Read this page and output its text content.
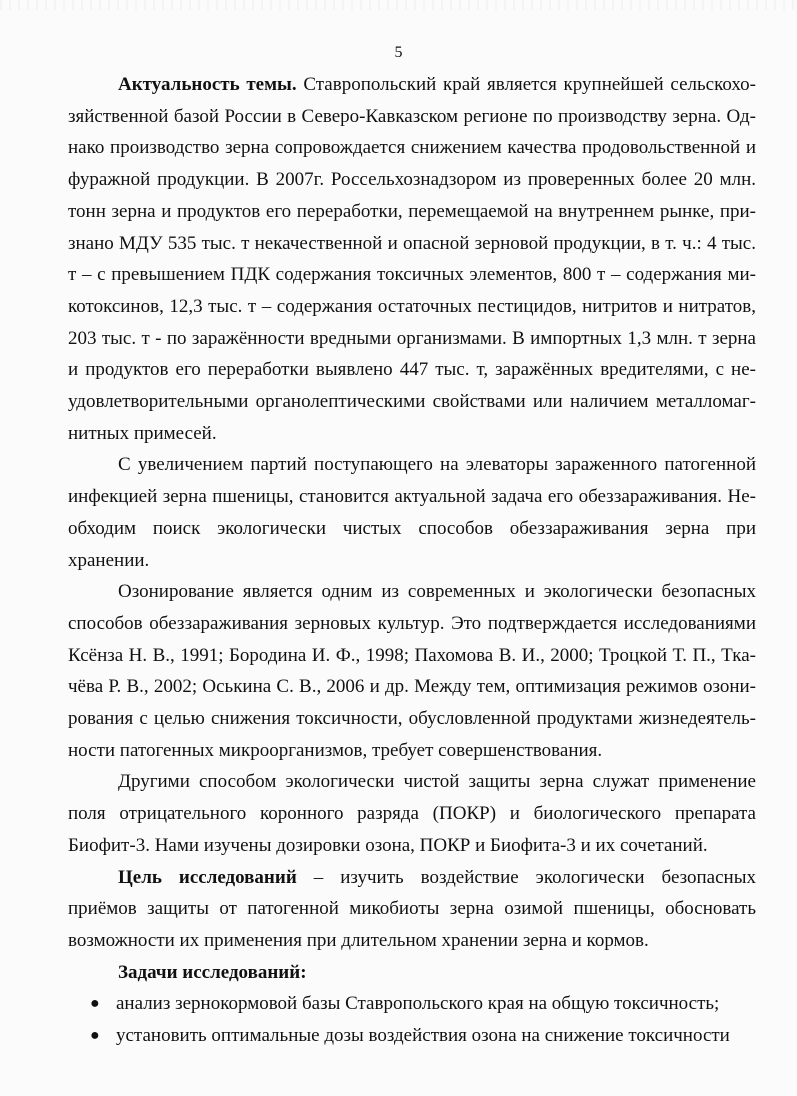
5

Актуальность темы. Ставропольский край является крупнейшей сельскохозяйственной базой России в Северо-Кавказском регионе по производству зерна. Однако производство зерна сопровождается снижением качества продовольственной и фуражной продукции. В 2007г. Россельхознадзором из проверенных более 20 млн. тонн зерна и продуктов его переработки, перемещаемой на внутреннем рынке, признано МДУ 535 тыс. т некачественной и опасной зерновой продукции, в т. ч.: 4 тыс. т – с превышением ПДК содержания токсичных элементов, 800 т – содержания микотоксинов, 12,3 тыс. т – содержания остаточных пестицидов, нитритов и нитратов, 203 тыс. т - по заражённости вредными организмами. В импортных 1,3 млн. т зерна и продуктов его переработки выявлено 447 тыс. т, заражённых вредителями, с неудовлетворительными органолептическими свойствами или наличием металломагнитных примесей.

С увеличением партий поступающего на элеваторы зараженного патогенной инфекцией зерна пшеницы, становится актуальной задача его обеззараживания. Необходим поиск экологически чистых способов обеззараживания зерна при хранении.

Озонирование является одним из современных и экологически безопасных способов обеззараживания зерновых культур. Это подтверждается исследованиями Ксёнза Н. В., 1991; Бородина И. Ф., 1998; Пахомова В. И., 2000; Троцкой Т. П., Ткачёва Р. В., 2002; Оськина С. В., 2006 и др. Между тем, оптимизация режимов озонирования с целью снижения токсичности, обусловленной продуктами жизнедеятельности патогенных микроорганизмов, требует совершенствования.

Другими способом экологически чистой защиты зерна служат применение поля отрицательного коронного разряда (ПОКР) и биологического препарата Биофит-3. Нами изучены дозировки озона, ПОКР и Биофита-3 и их сочетаний.

Цель исследований – изучить воздействие экологически безопасных приёмов защиты от патогенной микобиоты зерна озимой пшеницы, обосновать возможности их применения при длительном хранении зерна и кормов.

Задачи исследований:

● анализ зернокормовой базы Ставропольского края на общую токсичность;
● установить оптимальные дозы воздействия озона на снижение токсичности
